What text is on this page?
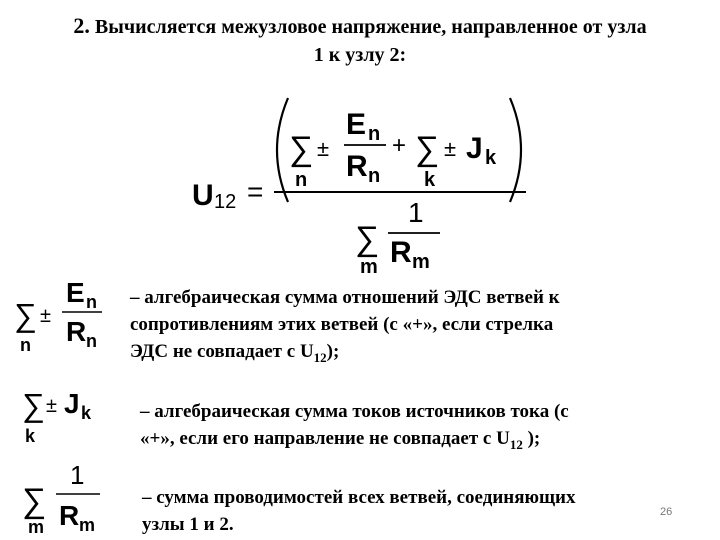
2. Вычисляется межузловое напряжение, направленное от узла
1 к узлу 2:
U 12 =
∑ ±
E n
R n
n
+ ∑ ± J k
k
∑
1
R m
m
∑ ±
E n
R n
n
∑ ± J k
k
∑
1
R m
m
– алгебраическая сумма отношений ЭДС ветвей к
сопротивлениям этих ветвей (с «+», если стрелка
ЭДС не совпадает с $U_{12}$);
– алгебраическая сумма токов источников тока (с
«+», если его направление не совпадает с $U_{12}$ );
– сумма проводимостей всех ветвей, соединяющих
узлы 1 и 2.
26
